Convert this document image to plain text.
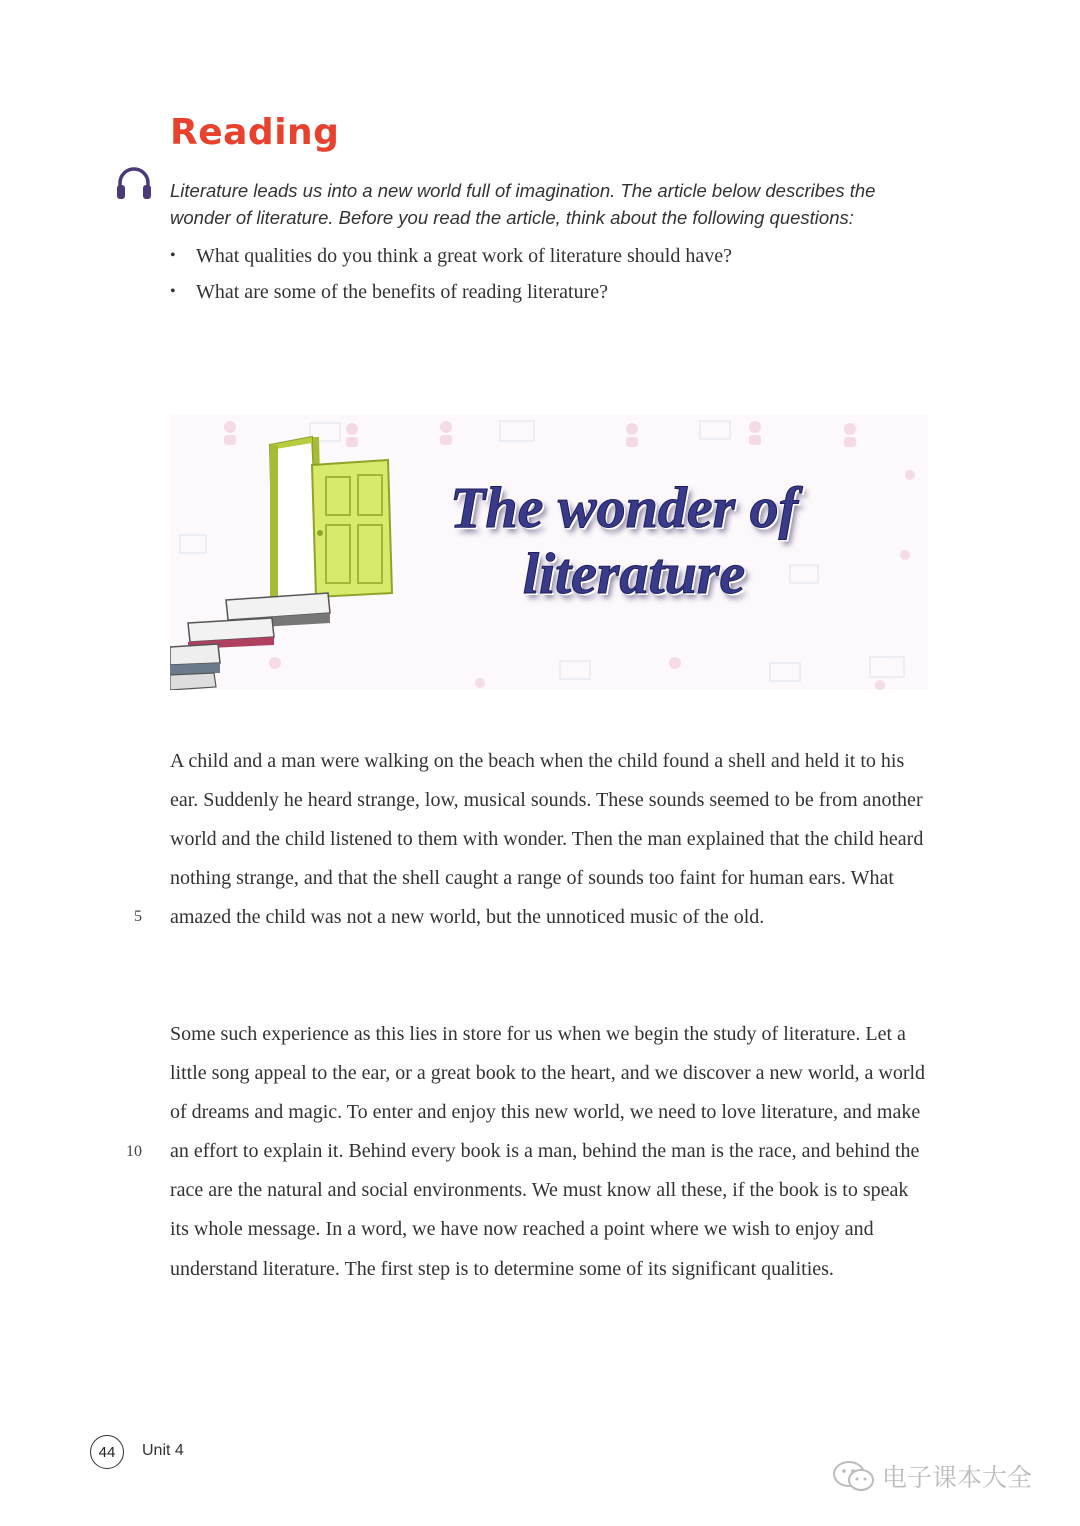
Reading
Literature leads us into a new world full of imagination. The article below describes the wonder of literature. Before you read the article, think about the following questions:
•	What qualities do you think a great work of literature should have?
•	What are some of the benefits of reading literature?
The wonder of
literature
A child and a man were walking on the beach when the child found a shell and held it to his ear. Suddenly he heard strange, low, musical sounds. These sounds seemed to be from another world and the child listened to them with wonder. Then the man explained that the child heard nothing strange, and that the shell caught a range of sounds too faint for human ears. What amazed the child was not a new world, but the unnoticed music of the old.
5
Some such experience as this lies in store for us when we begin the study of literature. Let a little song appeal to the ear, or a great book to the heart, and we discover a new world, a world of dreams and magic. To enter and enjoy this new world, we need to love literature, and make an effort to explain it. Behind every book is a man, behind the man is the race, and behind the race are the natural and social environments. We must know all these, if the book is to speak its whole message. In a word, we have now reached a point where we wish to enjoy and understand literature. The first step is to determine some of its significant qualities.
10
44	Unit 4
电子课本大全
